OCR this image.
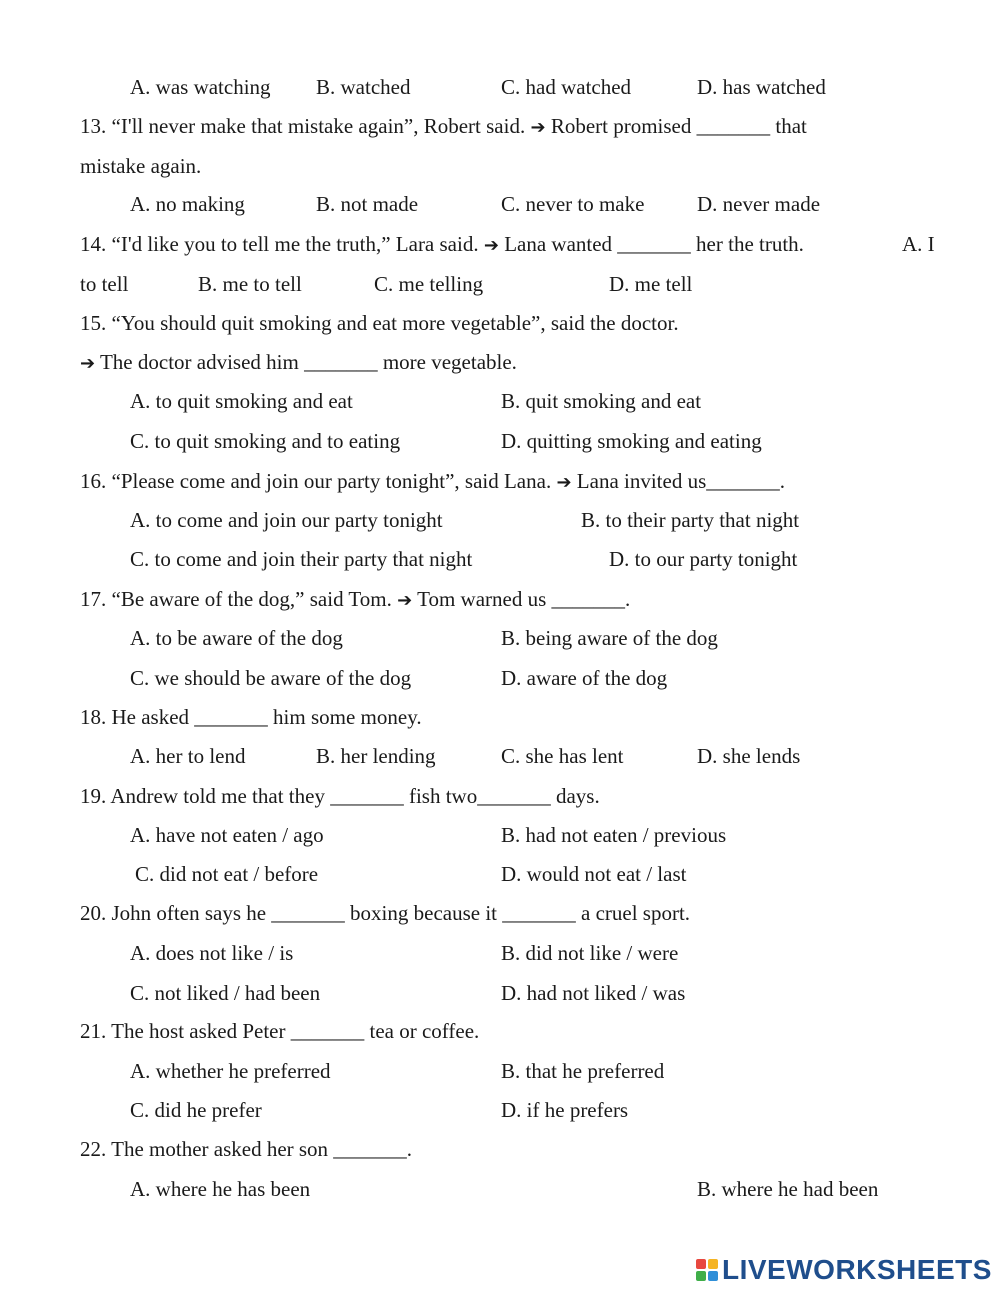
A. was watching B. watched	C. had watched	D. has watched
13. “I'll never make that mistake again”, Robert said. ➔ Robert promised _______ that
mistake again.
A. no making	B. not made	C. never to make	D. never made
14. “I'd like you to tell me the truth,” Lara said. ➔ Lana wanted _______ her the truth.	A. I
to tell	B. me to tell	C. me telling	D. me tell
15. “You should quit smoking and eat more vegetable”, said the doctor.
➔ The doctor advised him _______ more vegetable.
A. to quit smoking and eat	B. quit smoking and eat
C. to quit smoking and to eating	D. quitting smoking and eating
16. “Please come and join our party tonight”, said Lana. ➔ Lana invited us_______.
A. to come and join our party tonight	B. to their party that night
C. to come and join their party that night	D. to our party tonight
17. “Be aware of the dog,” said Tom. ➔ Tom warned us _______.
A. to be aware of the dog	B. being aware of the dog
C. we should be aware of the dog	D. aware of the dog
18. He asked _______ him some money.
A. her to lend	B. her lending	C. she has lent	D. she lends
19. Andrew told me that they _______ fish two_______ days.
A. have not eaten / ago	B. had not eaten / previous
C. did not eat / before	D. would not eat / last
20. John often says he _______ boxing because it _______ a cruel sport.
A. does not like / is	B. did not like / were
C. not liked / had been	D. had not liked / was
21. The host asked Peter _______ tea or coffee.
A. whether he preferred	B. that he preferred
C. did he prefer	D. if he prefers
22. The mother asked her son _______.
A. where he has been	B. where he had been
LIVEWORKSHEETS
